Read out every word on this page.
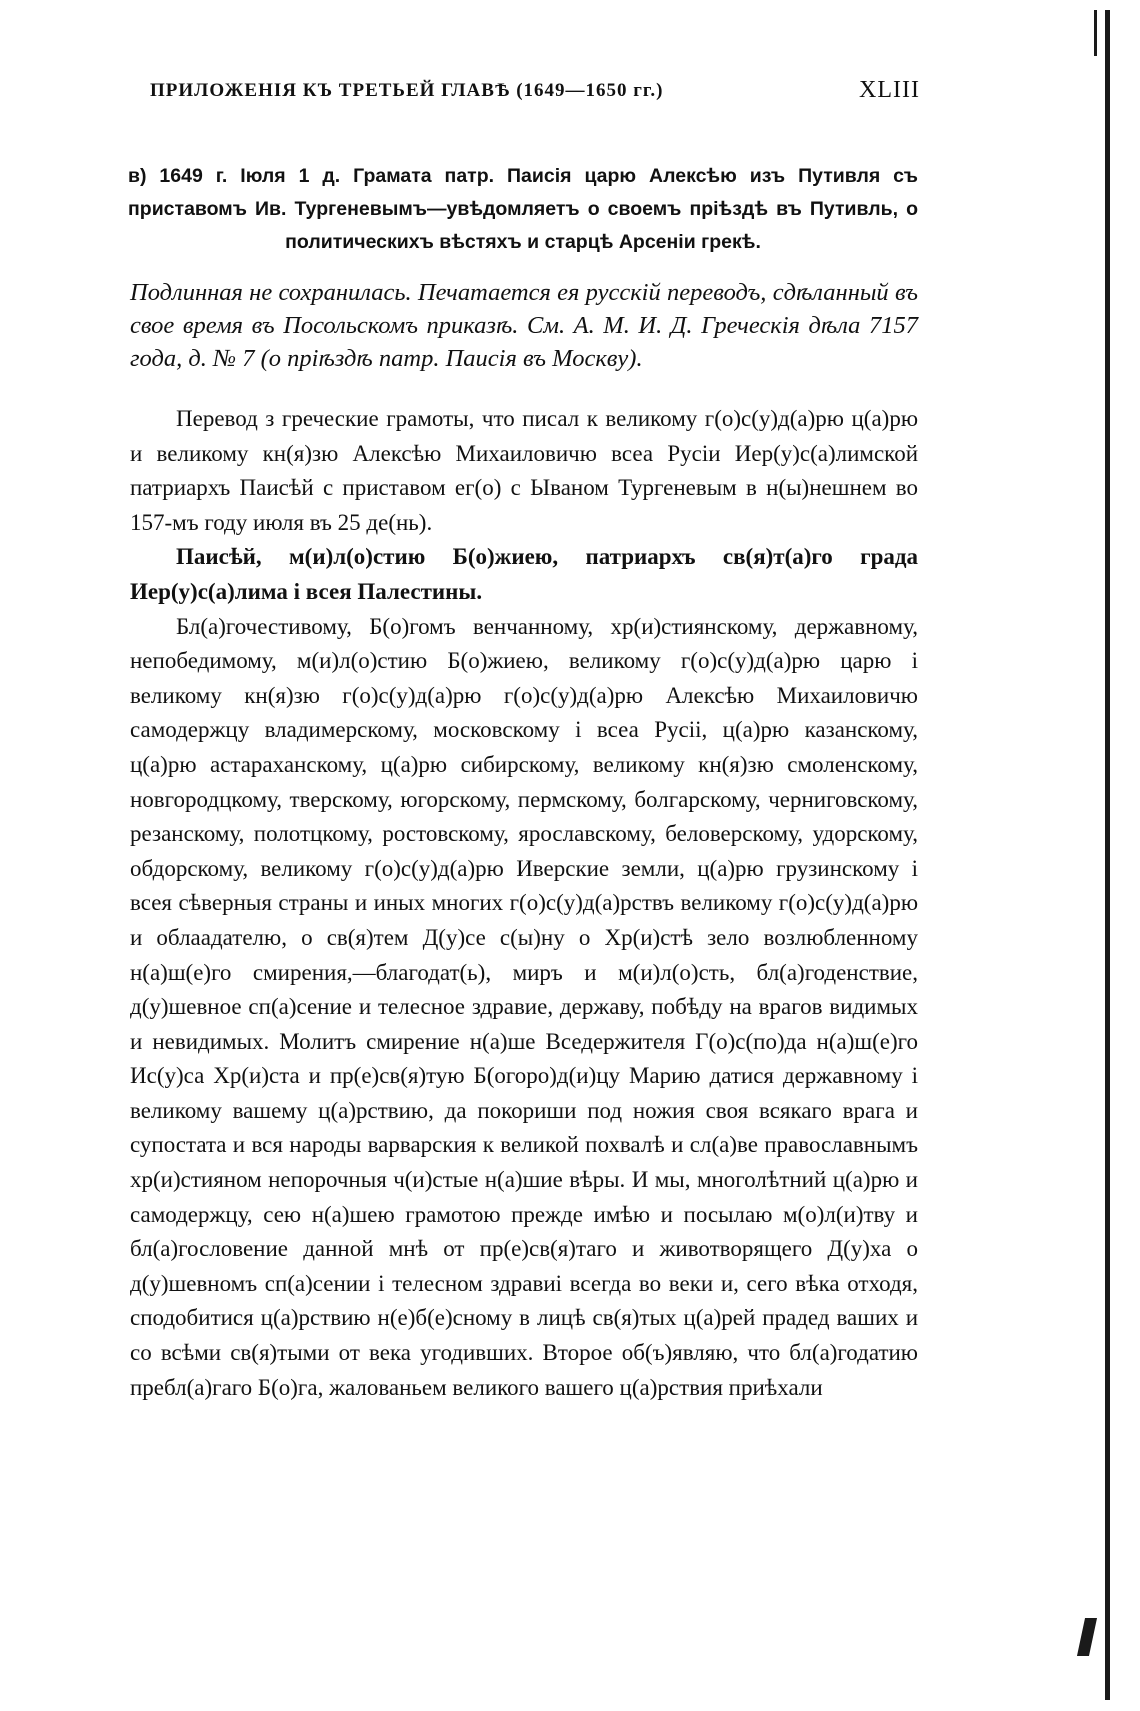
ПРИЛОЖЕНІЯ КЪ ТРЕТЬЕЙ ГЛАВѢ (1649—1650 гг.)	XLIII
в) 1649 г. Іюля 1 д. Грамата патр. Паисія царю Алексѣю изъ Путивля съ приставомъ Ив. Тургеневымъ—увѣдомляетъ о своемъ пріѣздѣ въ Путивль, о политическихъ вѣстяхъ и старцѣ Арсеніи грекѣ.
Подлинная не сохранилась. Печатается ея русскій переводъ, сдѣланный въ свое время въ Посольскомъ приказѣ. См. А. М. И. Д. Греческія дѣла 7157 года, д. № 7 (о пріѣздѣ патр. Паисія въ Москву).

Перевод з греческие грамоты, что писал к великому г(о)с(у)д(а)рю ц(а)рю и великому кн(я)зю Алексѣю Михаиловичю всеа Русіи Иер(у)с(а)лимской патриархъ Паисѣй с приставом ег(о) с Ываном Тургеневым в н(ы)нешнем во 157-мъ году июля въ 25 де(нь).

Паисѣй, м(и)л(о)стию Б(о)жиею, патриархъ св(я)т(а)го града Иер(у)с(а)лима і всея Палестины.

Бл(а)гочестивому, Б(о)гомъ венчанному, хр(и)стиянскому, державному, непобедимому, м(и)л(о)стию Б(о)жиею, великому г(о)с(у)д(а)рю царю і великому кн(я)зю г(о)с(у)д(а)рю г(о)с(у)д(а)рю Алексѣю Михаиловичю самодержцу владимерскому, московскому і всеа Русіі, ц(а)рю казанскому, ц(а)рю астараханскому, ц(а)рю сибирскому, великому кн(я)зю смоленскому, новгородцкому, тверскому, югорскому, пермскому, болгарскому, черниговскому, резанскому, полотцкому, ростовскому, ярославскому, беловерскому, удорскому, обдорскому, великому г(о)с(у)д(а)рю Иверские земли, ц(а)рю грузинскому і всея сѣверныя страны и иных многих г(о)с(у)д(а)рствъ великому г(о)с(у)д(а)рю и облаадателю, о св(я)тем Д(у)се с(ы)ну о Хр(и)стѣ зело возлюбленному н(а)ш(е)го смирения,—благодат(ь), миръ и м(и)л(о)сть, бл(а)годенствие, д(у)шевное сп(а)сение и телесное здравие, державу, побѣду на врагов видимых и невидимых. Молитъ смирение н(а)ше Вседержителя Г(о)с(по)да н(а)ш(е)го Ис(у)са Хр(и)ста и пр(е)св(я)тую Б(огоро)д(и)цу Марию датися державному і великому вашему ц(а)рствию, да покориши под ножия своя всякаго врага и супостата и вся народы варварския к великой похвалѣ и сл(а)ве православнымъ хр(и)стияном непорочныя ч(и)стые н(а)шие вѣры. И мы, многолѣтний ц(а)рю и самодержцу, сею н(а)шею грамотою прежде имѣю и посылаю м(о)л(и)тву и бл(а)гословение данной мнѣ от пр(е)св(я)таго и животворящего Д(у)ха о д(у)шевномъ сп(а)сении і телесном здравиі всегда во веки и, сего вѣка отходя, сподобитися ц(а)рствию н(е)б(е)сному в лицѣ св(я)тых ц(а)рей прадед ваших и со всѣми св(я)тыми от века угодивших. Второе об(ъ)являю, что бл(а)годатию пребл(а)гаго Б(о)га, жалованьем великого вашего ц(а)рствия приѣхали
